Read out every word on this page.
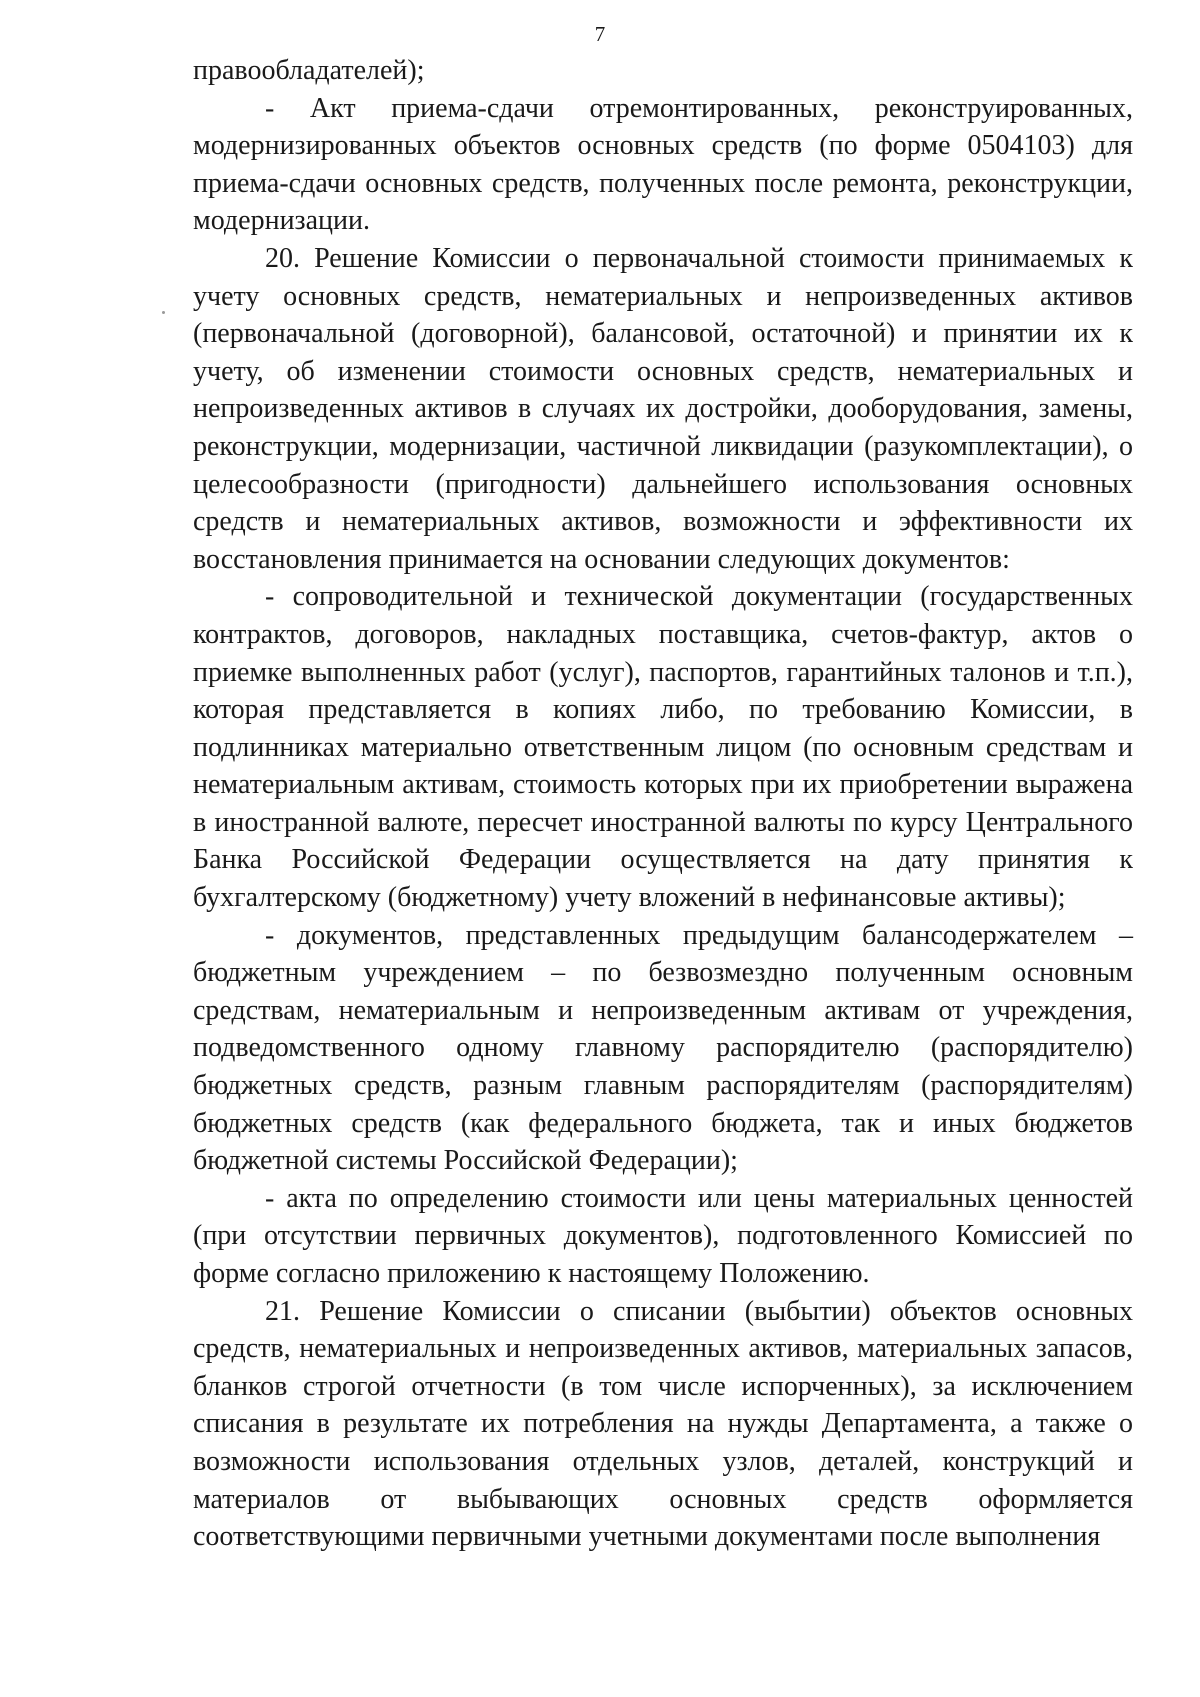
7

правообладателей);

- Акт приема-сдачи отремонтированных, реконструированных, модернизированных объектов основных средств (по форме 0504103) для приема-сдачи основных средств, полученных после ремонта, реконструкции, модернизации.

20. Решение Комиссии о первоначальной стоимости принимаемых к учету основных средств, нематериальных и непроизведенных активов (первоначальной (договорной), балансовой, остаточной) и принятии их к учету, об изменении стоимости основных средств, нематериальных и непроизведенных активов в случаях их достройки, дооборудования, замены, реконструкции, модернизации, частичной ликвидации (разукомплектации), о целесообразности (пригодности) дальнейшего использования основных средств и нематериальных активов, возможности и эффективности их восстановления принимается на основании следующих документов:

- сопроводительной и технической документации (государственных контрактов, договоров, накладных поставщика, счетов-фактур, актов о приемке выполненных работ (услуг), паспортов, гарантийных талонов и т.п.), которая представляется в копиях либо, по требованию Комиссии, в подлинниках материально ответственным лицом (по основным средствам и нематериальным активам, стоимость которых при их приобретении выражена в иностранной валюте, пересчет иностранной валюты по курсу Центрального Банка Российской Федерации осуществляется на дату принятия к бухгалтерскому (бюджетному) учету вложений в нефинансовые активы);

- документов, представленных предыдущим балансодержателем – бюджетным учреждением – по безвозмездно полученным основным средствам, нематериальным и непроизведенным активам от учреждения, подведомственного одному главному распорядителю (распорядителю) бюджетных средств, разным главным распорядителям (распорядителям) бюджетных средств (как федерального бюджета, так и иных бюджетов бюджетной системы Российской Федерации);

- акта по определению стоимости или цены материальных ценностей (при отсутствии первичных документов), подготовленного Комиссией по форме согласно приложению к настоящему Положению.

21. Решение Комиссии о списании (выбытии) объектов основных средств, нематериальных и непроизведенных активов, материальных запасов, бланков строгой отчетности (в том числе испорченных), за исключением списания в результате их потребления на нужды Департамента, а также о возможности использования отдельных узлов, деталей, конструкций и материалов от выбывающих основных средств оформляется соответствующими первичными учетными документами после выполнения
